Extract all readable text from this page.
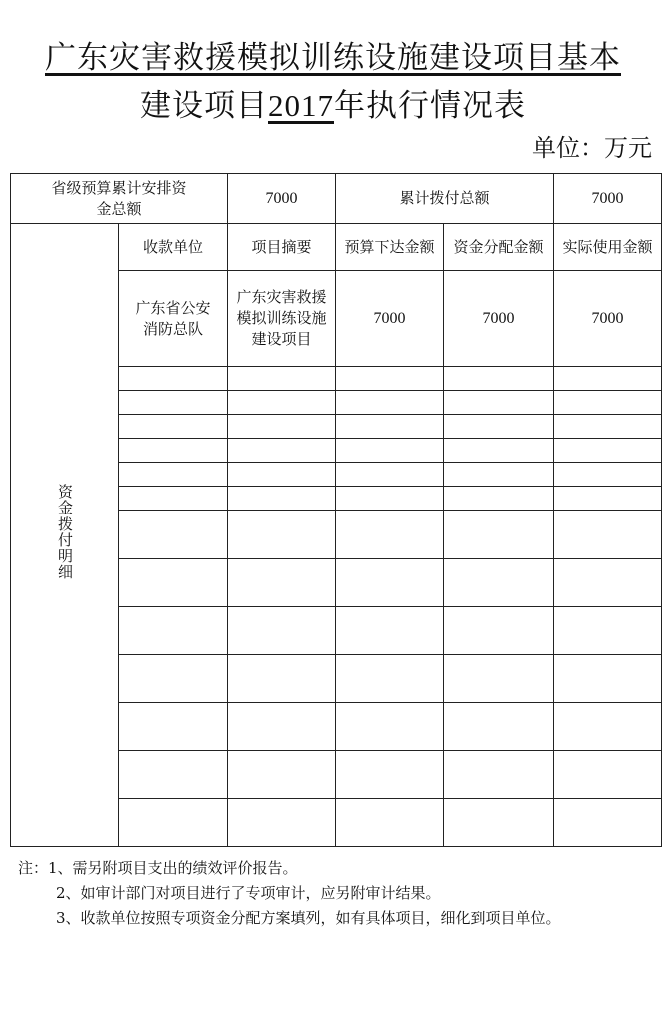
广东灾害救援模拟训练设施建设项目基本
建设项目2017年执行情况表
单位：万元
省级预算累计安排资金总额		7000	累计拨付总额		7000
资金拨付明细	收款单位	项目摘要	预算下达金额	资金分配金额	实际使用金额
	广东省公安消防总队	广东灾害救援模拟训练设施建设项目	7000	7000	7000

注：1、需另附项目支出的绩效评价报告。
2、如审计部门对项目进行了专项审计，应另附审计结果。
3、收款单位按照专项资金分配方案填列，如有具体项目，细化到项目单位。
